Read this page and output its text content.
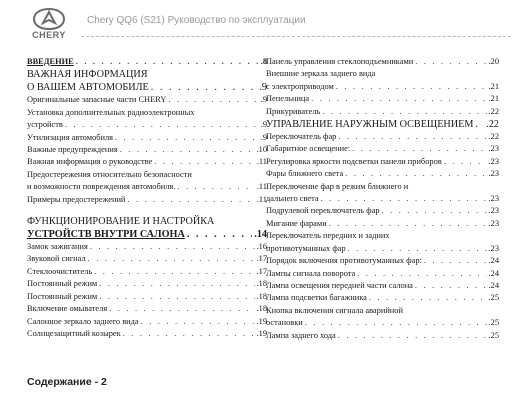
CHERY
Chery QQ6 (S21) Руководство по эксплуатации
ВВЕДЕНИЕ . . .	.8
ВАЖНАЯ ИНФОРМАЦИЯ
О ВАШЕМ АВТОМОБИЛЕ . . .	.9
Оригинальные запасные части CHERY . . .	.9
Установка дополнительных радиоэлектронных
устройств . . .	.9
Утилизация автомобиля . . .	.9
Важные предупреждения . . .	.10
Важная информация о руководстве . . .	.11
Предостережения относительно безопасности
и возможности повреждения автомобиля. . . .	.11
Примеры предостережений . . .	.11
ФУНКЦИОНИРОВАНИЕ И НАСТРОЙКА
УСТРОЙСТВ ВНУТРИ САЛОНА . . .	.14
Замок зажигания . . .	.16
Звуковой сигнал . . .	.17
Стеклоочиститель . . .	.17
Постоянный режим . . .	.18
Постоянный режим . . .	.18
Включение омывателя . . .	.18
Салонное зеркало заднего вида . . .	.19
Солнцезащитный козырек . . .	.19
Панель управления стеклоподъемниками . . .	.20
Внешние зеркала заднего вида
с электроприводом . . .	.21
Пепельница . . .	.21
Прикуриватель . . .	.22
УПРАВЛЕНИЕ НАРУЖНЫМ ОСВЕЩЕНИЕМ . . . .22
Переключатель фар . . .	.22
Габаритное освещение: . . .	.23
Регулировка яркости подсветки панели приборов . . .	.23
Фары ближнего света . . .	.23
Переключение фар в режим ближнего и
дальнего света . . .	.23
Подрулевой переключатель фар . . .	.23
Мигание фарами . . .	.23
Переключатель передних и задних
противотуманных фар . . .	.23
Порядок включения противотуманных фар: . . .	.24
Лампы сигнала поворота . . .	.24
Лампа освещения передней части салона . . .	.24
Лампа подсветки багажника . . .	.25
Кнопка включения сигнала аварийной
остановки . . .	.25
Лампа заднего хода . . .	.25
Содержание - 2
